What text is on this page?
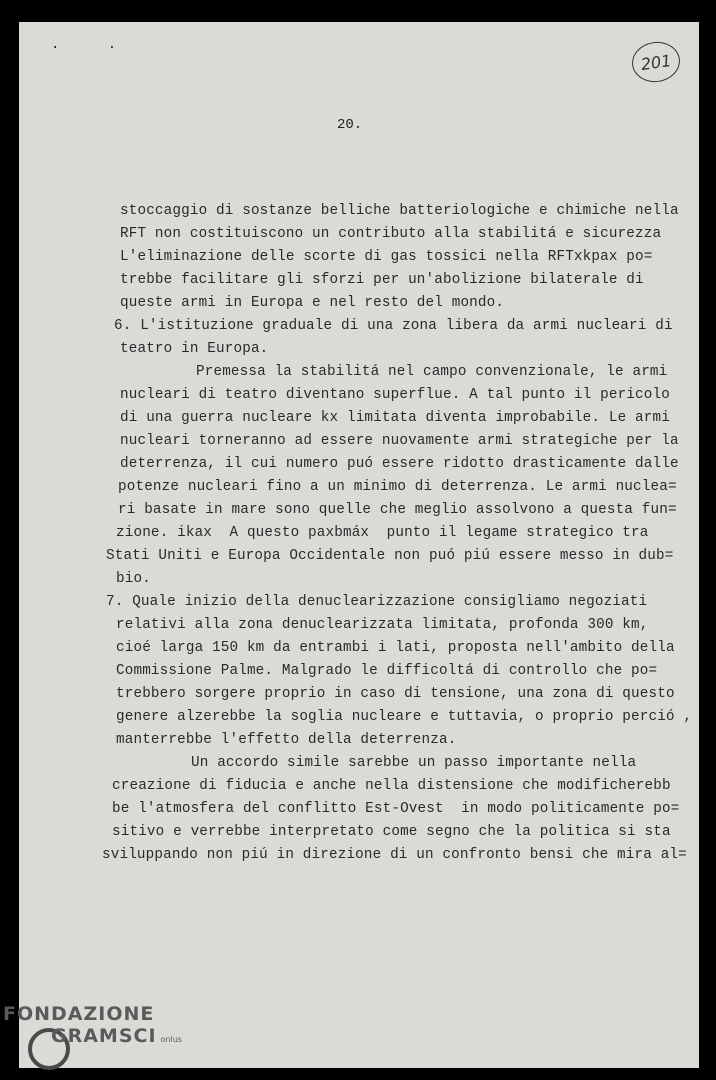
· ·
201
20.
stoccaggio di sostanze belliche batteriologiche e chimiche nella
RFT non costituiscono un contributo alla stabilitá e sicurezza
L'eliminazione delle scorte di gas tossici nella RFTxkpax po=
trebbe facilitare gli sforzi per un'abolizione bilaterale di
queste armi in Europa e nel resto del mondo.
6. L'istituzione graduale di una zona libera da armi nucleari di
teatro in Europa.
Premessa la stabilitá nel campo convenzionale, le armi
nucleari di teatro diventano superflue. A tal punto il pericolo
di una guerra nucleare kx limitata diventa improbabile. Le armi
nucleari torneranno ad essere nuovamente armi strategiche per la
deterrenza, il cui numero puó essere ridotto drasticamente dalle
potenze nucleari fino a un minimo di deterrenza. Le armi nuclea=
ri basate in mare sono quelle che meglio assolvono a questa fun=
zione. ikax  A questo paxbmáx  punto il legame strategico tra
Stati Uniti e Europa Occidentale non puó piú essere messo in dub=
bio.
7. Quale inizio della denuclearizzazione consigliamo negoziati
relativi alla zona denuclearizzata limitata, profonda 300 km,
cioé larga 150 km da entrambi i lati, proposta nell'ambito della
Commissione Palme. Malgrado le difficoltá di controllo che po=
trebbero sorgere proprio in caso di tensione, una zona di questo
genere alzerebbe la soglia nucleare e tuttavia, o proprio perció ,
manterrebbe l'effetto della deterrenza.
Un accordo simile sarebbe un passo importante nella
creazione di fiducia e anche nella distensione che modificherebb
be l'atmosfera del conflitto Est-Ovest  in modo politicamente po=
sitivo e verrebbe interpretato come segno che la politica si sta
sviluppando non piú in direzione di un confronto bensi che mira al=
FONDAZIONE
GRAMSCI onlus
